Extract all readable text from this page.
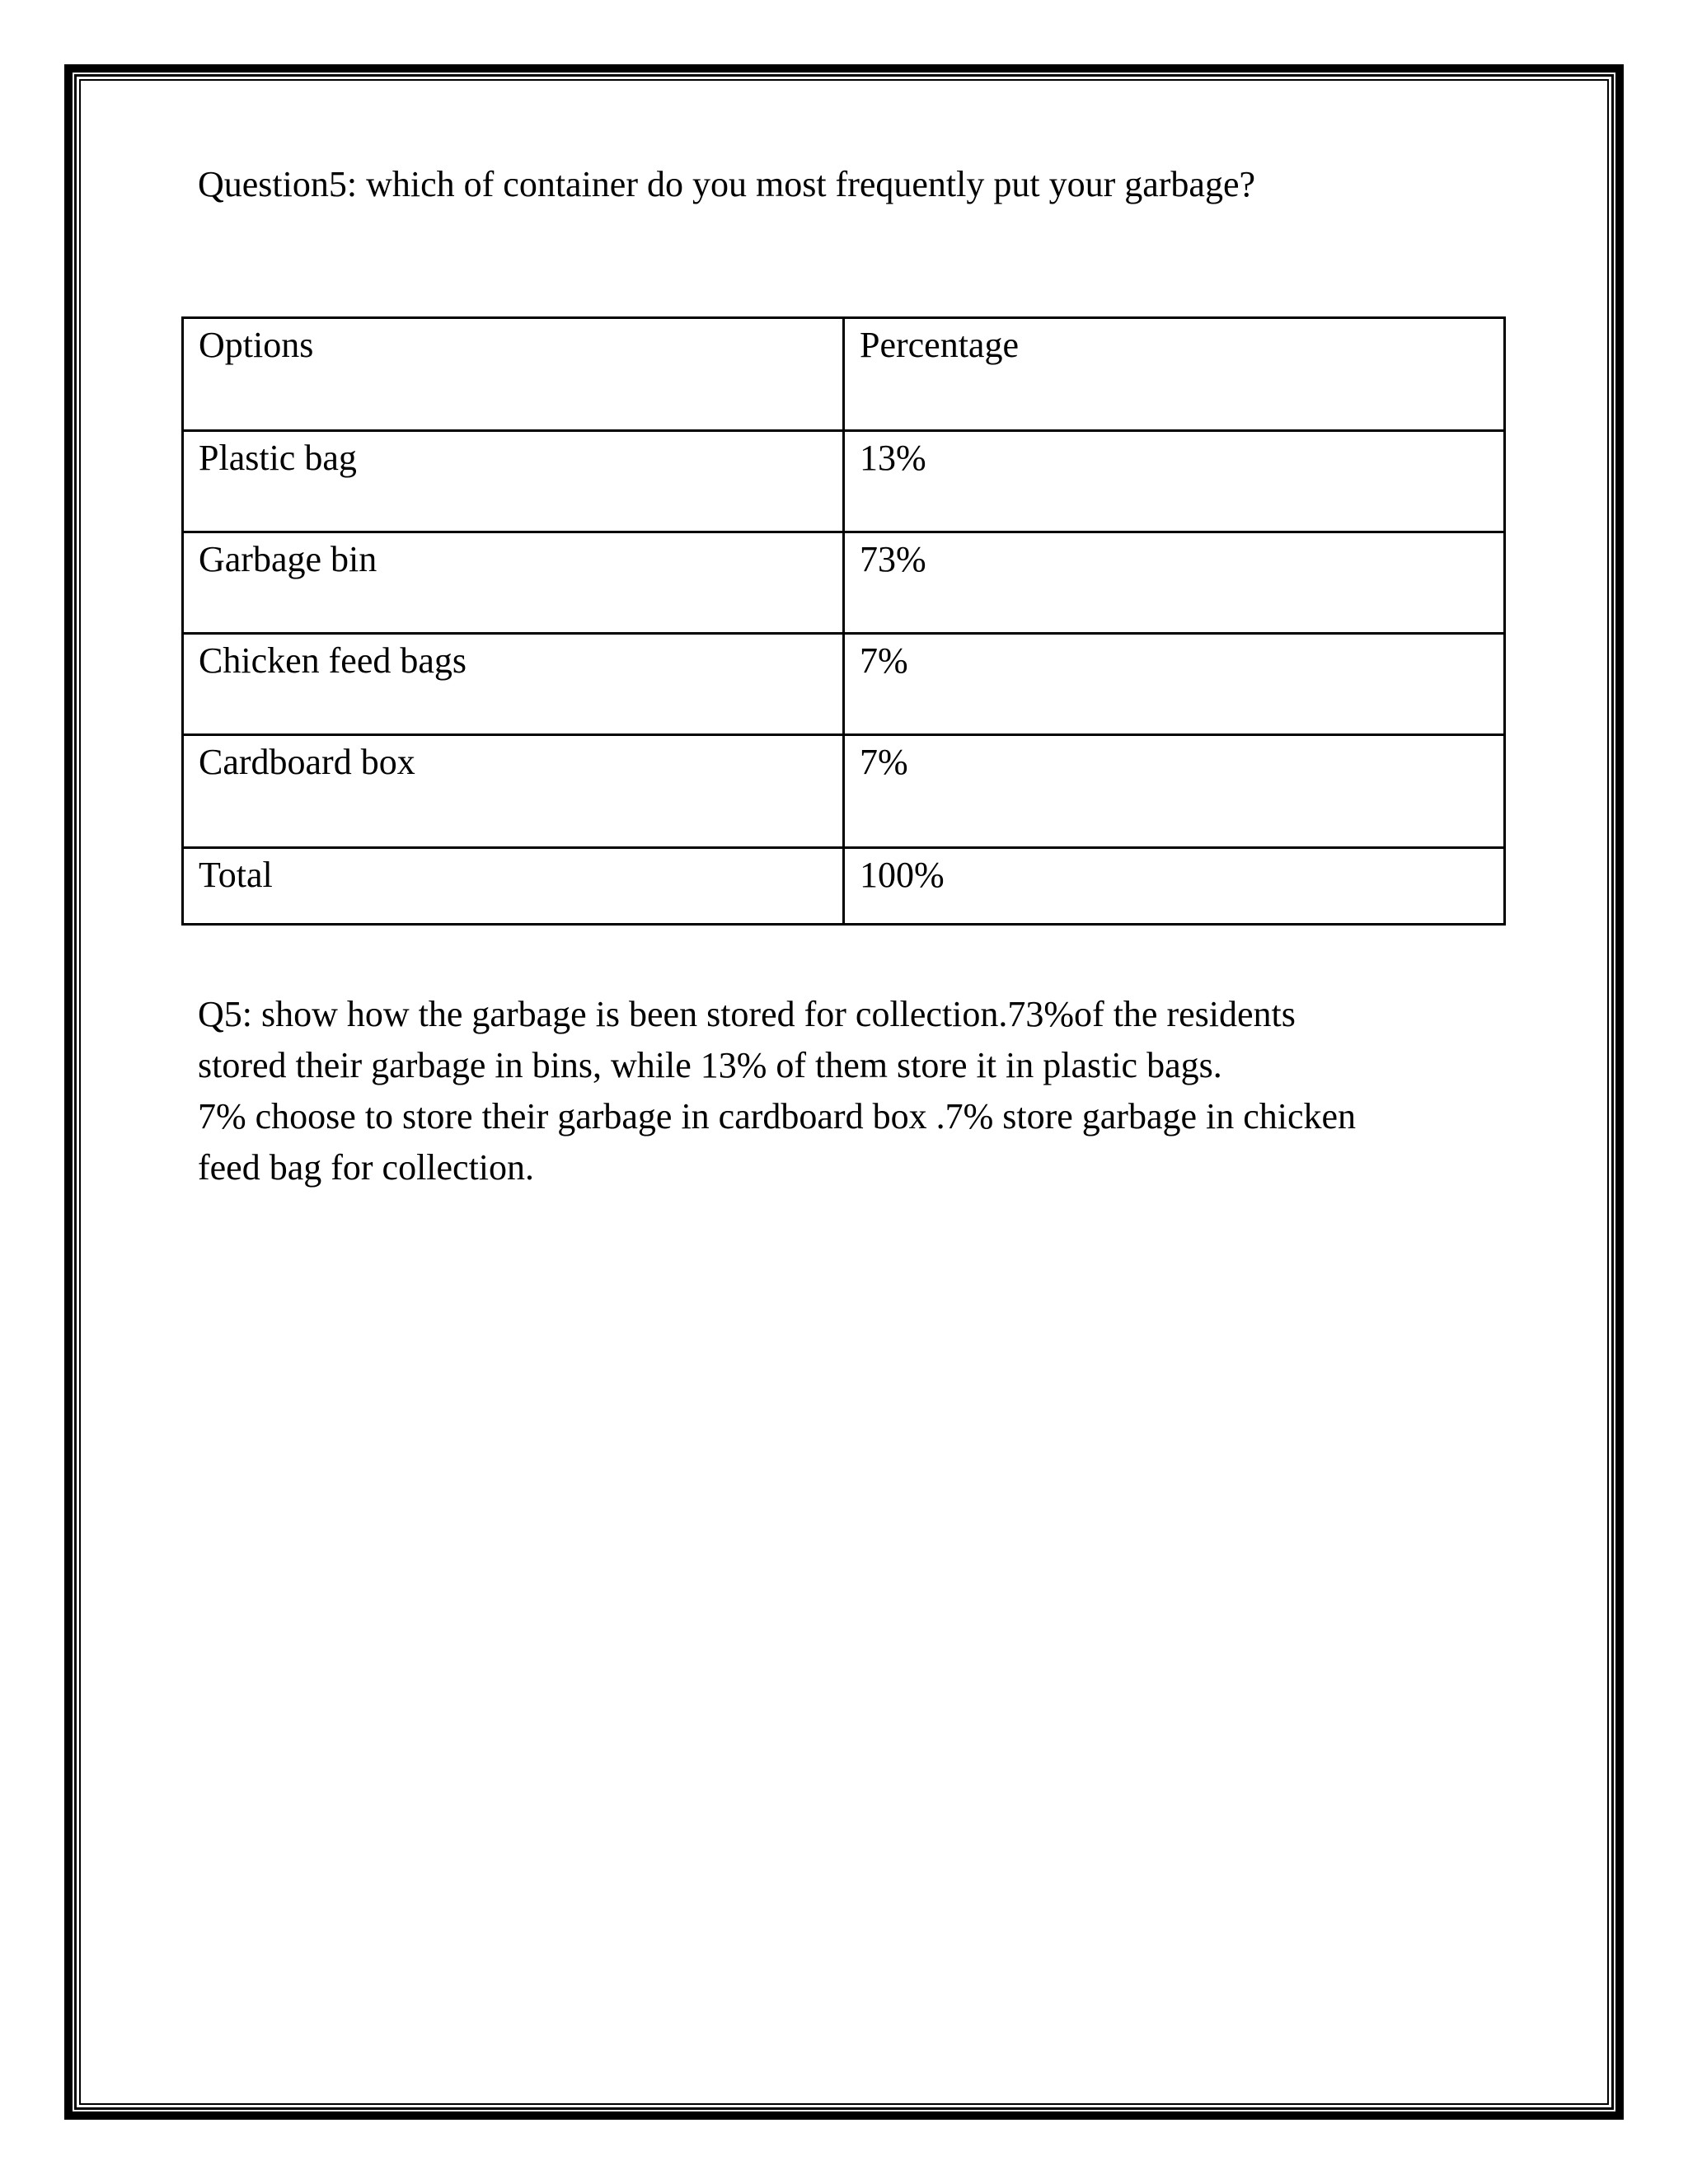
Question5: which of container do you most frequently put your garbage?
Options	Percentage
Plastic bag	13%
Garbage bin	73%
Chicken feed bags	7%
Cardboard box	7%
Total	100%

Q5: show how the garbage is been stored for collection.73%of the residents

stored their garbage in bins, while 13% of them store it in plastic bags.

7% choose to store their garbage in cardboard box .7% store garbage in chicken

feed bag for collection.
